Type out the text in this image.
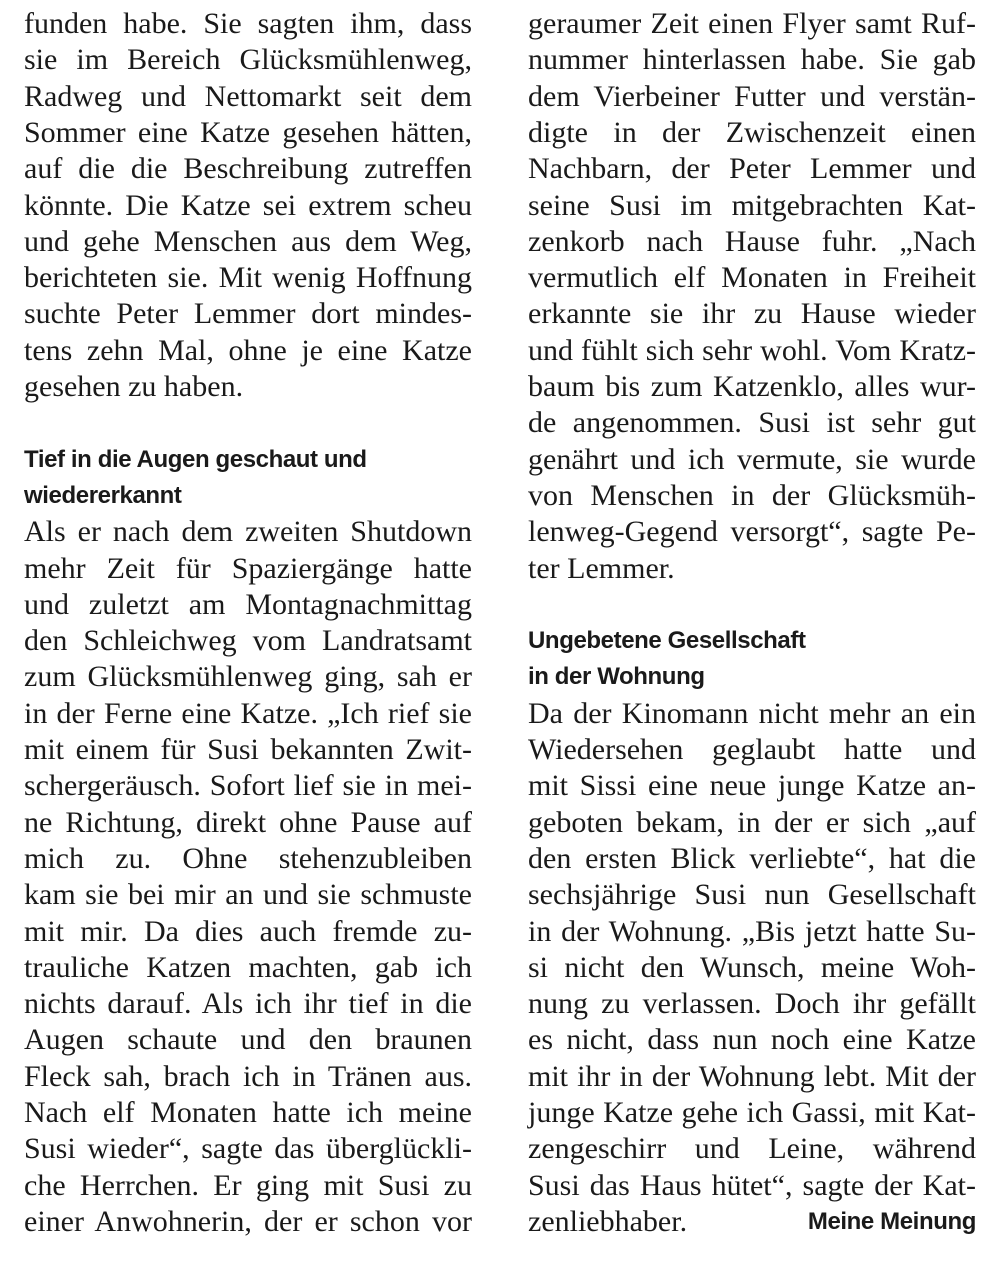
funden habe. Sie sagten ihm, dass
sie im Bereich Glücksmühlenweg,
Radweg und Nettomarkt seit dem
Sommer eine Katze gesehen hätten,
auf die die Beschreibung zutreffen
könnte. Die Katze sei extrem scheu
und gehe Menschen aus dem Weg,
berichteten sie. Mit wenig Hoffnung
suchte Peter Lemmer dort mindes-
tens zehn Mal, ohne je eine Katze
gesehen zu haben.
Tief in die Augen geschaut und
wiedererkannt
Als er nach dem zweiten Shutdown
mehr Zeit für Spaziergänge hatte
und zuletzt am Montagnachmittag
den Schleichweg vom Landratsamt
zum Glücksmühlenweg ging, sah er
in der Ferne eine Katze. „Ich rief sie
mit einem für Susi bekannten Zwit-
schergeräusch. Sofort lief sie in mei-
ne Richtung, direkt ohne Pause auf
mich zu. Ohne stehenzubleiben
kam sie bei mir an und sie schmuste
mit mir. Da dies auch fremde zu-
trauliche Katzen machten, gab ich
nichts darauf. Als ich ihr tief in die
Augen schaute und den braunen
Fleck sah, brach ich in Tränen aus.
Nach elf Monaten hatte ich meine
Susi wieder“, sagte das überglückli-
che Herrchen. Er ging mit Susi zu
einer Anwohnerin, der er schon vor
geraumer Zeit einen Flyer samt Ruf-
nummer hinterlassen habe. Sie gab
dem Vierbeiner Futter und verstän-
digte in der Zwischenzeit einen
Nachbarn, der Peter Lemmer und
seine Susi im mitgebrachten Kat-
zenkorb nach Hause fuhr. „Nach
vermutlich elf Monaten in Freiheit
erkannte sie ihr zu Hause wieder
und fühlt sich sehr wohl. Vom Kratz-
baum bis zum Katzenklo, alles wur-
de angenommen. Susi ist sehr gut
genährt und ich vermute, sie wurde
von Menschen in der Glücksmüh-
lenweg-Gegend versorgt“, sagte Pe-
ter Lemmer.
Ungebetene Gesellschaft
in der Wohnung
Da der Kinomann nicht mehr an ein
Wiedersehen geglaubt hatte und
mit Sissi eine neue junge Katze an-
geboten bekam, in der er sich „auf
den ersten Blick verliebte“, hat die
sechsjährige Susi nun Gesellschaft
in der Wohnung. „Bis jetzt hatte Su-
si nicht den Wunsch, meine Woh-
nung zu verlassen. Doch ihr gefällt
es nicht, dass nun noch eine Katze
mit ihr in der Wohnung lebt. Mit der
junge Katze gehe ich Gassi, mit Kat-
zengeschirr und Leine, während
Susi das Haus hütet“, sagte der Kat-
zenliebhaber.	Meine Meinung
